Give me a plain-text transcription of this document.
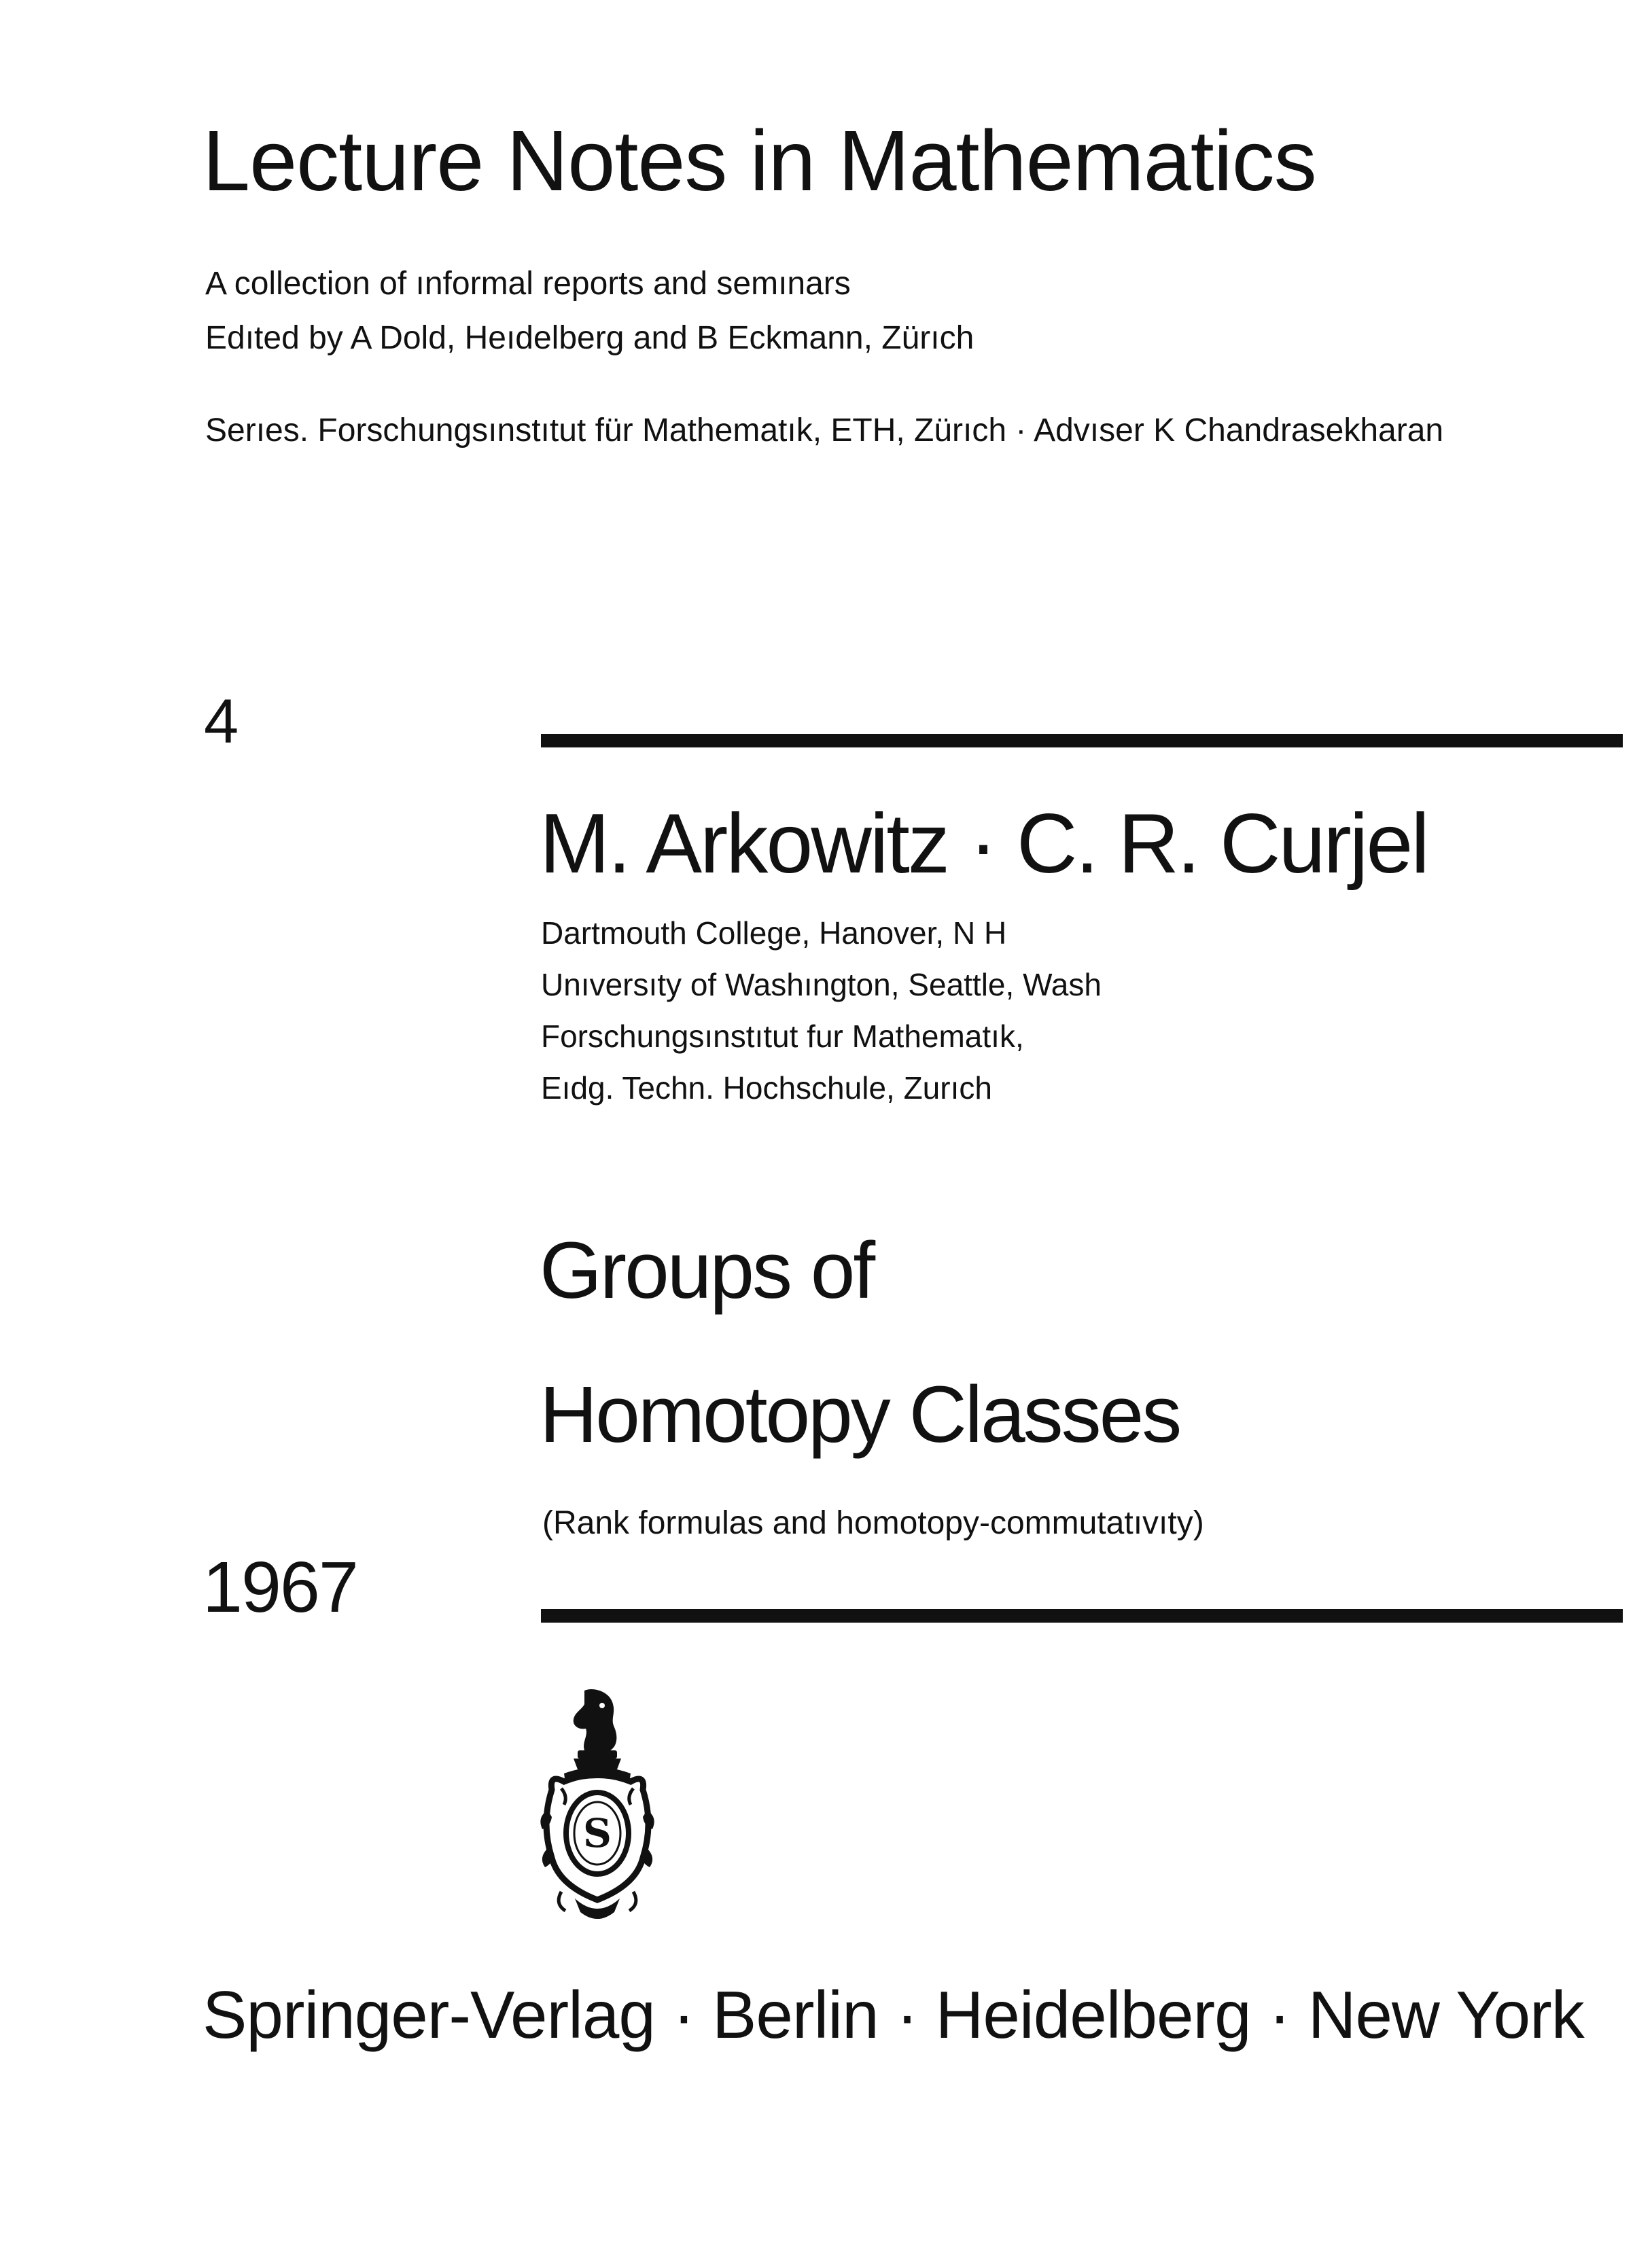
Lecture Notes in Mathematics
A collection of ınformal reports and semınars
Edıted by A Dold, Heıdelberg and B Eckmann, Zürıch
Serıes. Forschungsınstıtut für Mathematık, ETH, Zürıch · Advıser K Chandrasekharan
4
M. Arkowitz · C. R. Curjel
Dartmouth College, Hanover, N H
Unıversıty of Washıngton, Seattle, Wash
Forschungsınstıtut fur Mathematık,
Eıdg. Techn. Hochschule, Zurıch
Groups of
Homotopy Classes
(Rank formulas and homotopy-commutatıvıty)
1967
S
Springer-Verlag · Berlin · Heidelberg · New York
